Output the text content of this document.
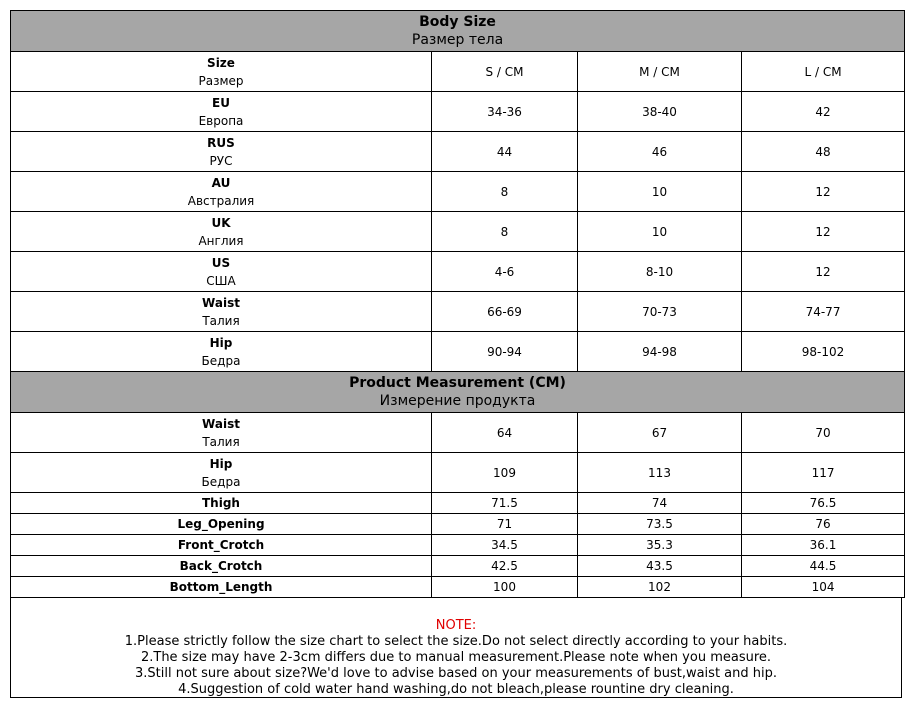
Body Size
Размер тела			

Size
Размер	S / CM	M / CM	L / CM

EU
Европа	34-36	38-40	42

RUS
РУС	44	46	48

AU
Австралия	8	10	12

UK
Англия	8	10	12

US
США	4-6	8-10	12

Waist
Талия	66-69	70-73	74-77

Hip
Бедра	90-94	94-98	98-102

Product Measurement (CM)
Измерение продукта			

Waist
Талия	64	67	70

Hip
Бедра	109	113	117

Thigh	71.5	74	76.5

Leg_Opening	71	73.5	76

Front_Crotch	34.5	35.3	36.1

Back_Crotch	42.5	43.5	44.5

Bottom_Length	100	102	104
NOTE:
1.Please strictly follow the size chart to select the size.Do not select directly according to your habits.
2.The size may have 2-3cm differs due to manual measurement.Please note when you measure.
3.Still not sure about size?We'd love to advise based on your measurements of bust,waist and hip.
4.Suggestion of cold water hand washing,do not bleach,please rountine dry cleaning.
